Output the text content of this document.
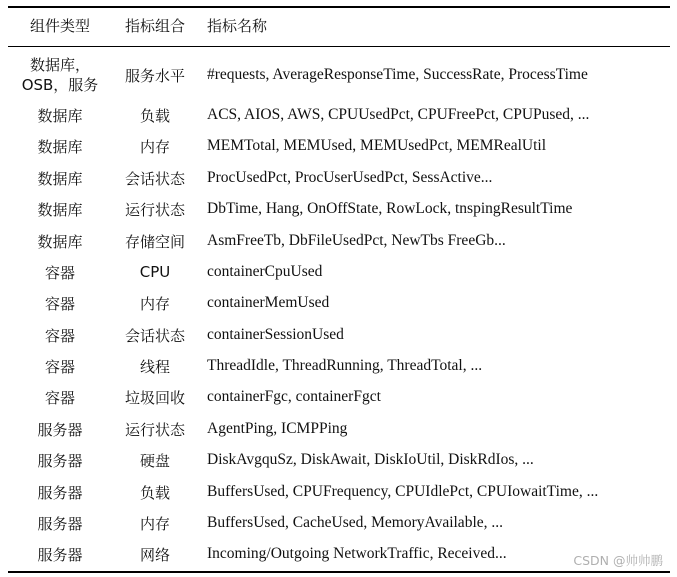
组件类型	指标组合	指标名称
数据库，
OSB，服务
服务水平	#requests, AverageResponseTime, SuccessRate, ProcessTime
数据库	负载	ACS, AIOS, AWS, CPUUsedPct, CPUFreePct, CPUPused, ...
数据库	内存	MEMTotal, MEMUsed, MEMUsedPct, MEMRealUtil
数据库	会话状态	ProcUsedPct, ProcUserUsedPct, SessActive...
数据库	运行状态	DbTime, Hang, OnOffState, RowLock, tnspingResultTime
数据库	存储空间	AsmFreeTb, DbFileUsedPct, NewTbs FreeGb...
容器	CPU	containerCpuUsed
容器	内存	containerMemUsed
容器	会话状态	containerSessionUsed
容器	线程	ThreadIdle, ThreadRunning, ThreadTotal, ...
容器	垃圾回收	containerFgc, containerFgct
服务器	运行状态	AgentPing, ICMPPing
服务器	硬盘	DiskAvgquSz, DiskAwait, DiskIoUtil, DiskRdIos, ...
服务器	负载	BuffersUsed, CPUFrequency, CPUIdlePct, CPUIowaitTime, ...
服务器	内存	BuffersUsed, CacheUsed, MemoryAvailable, ...
服务器	网络	Incoming/Outgoing NetworkTraffic, Received...	CSDN @帅帅鹏
